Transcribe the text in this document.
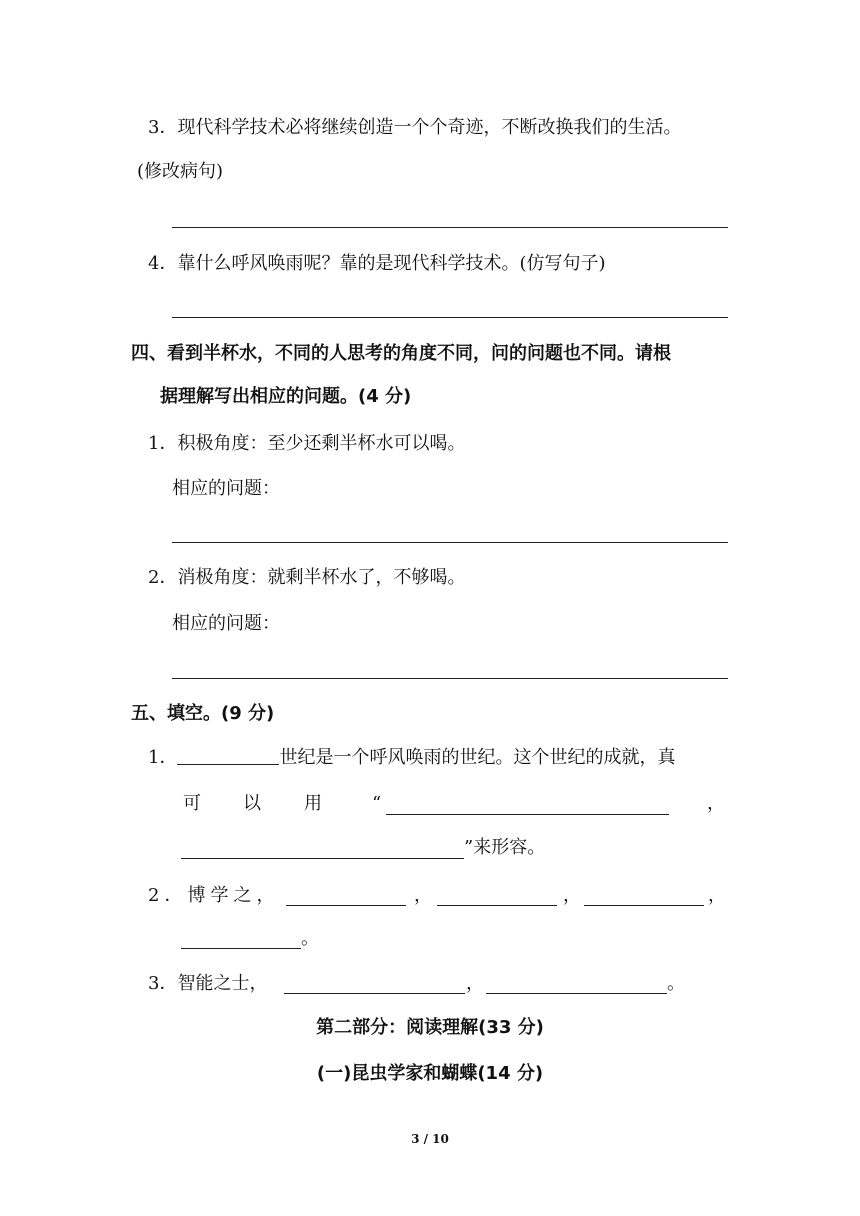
3．现代科学技术必将继续创造一个个奇迹，不断改换我们的生活。
(修改病句)
4．靠什么呼风唤雨呢？靠的是现代科学技术。(仿写句子)
四、看到半杯水，不同的人思考的角度不同，问的问题也不同。请根
据理解写出相应的问题。(4 分)
1．积极角度：至少还剩半杯水可以喝。
相应的问题：
2．消极角度：就剩半杯水了，不够喝。
相应的问题：
五、填空。(9 分)
1．	世纪是一个呼风唤雨的世纪。这个世纪的成就，真
可 以 用	“	，
”来形容。
2．博学之，	，	，	，
。
3．智能之士，	，	。
第二部分：阅读理解(33 分)
(一)昆虫学家和蝴蝶(14 分)
3 / 10
